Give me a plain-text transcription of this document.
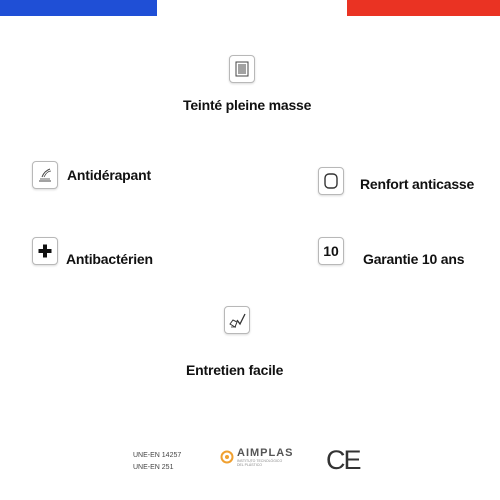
Teinté pleine masse
Antidérapant
Renfort anticasse
Antibactérien	10 Garantie 10 ans
Entretien facile
UNE-EN 14257
UNE-EN 251
AIMPLAS
INSTITUTO TECNOLÓGICO
DEL PLÁSTICO	CE
